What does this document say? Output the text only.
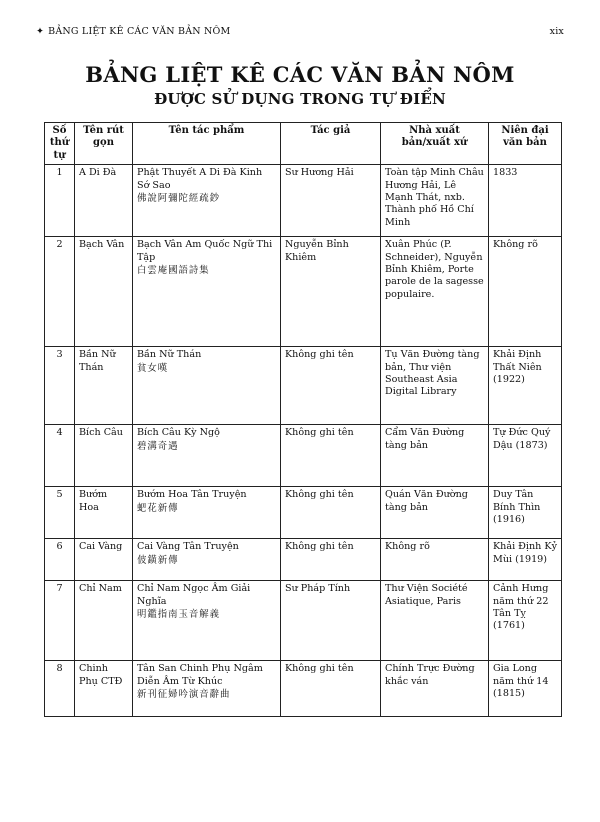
✦ BẢNG LIỆT KÊ CÁC VĂN BẢN NÔM	xix
BẢNG LIỆT KÊ CÁC VĂN BẢN NÔM
ĐƯỢC SỬ DỤNG TRONG TỰ ĐIỂN
Số thứ tự	Tên rút gọn	Tên tác phẩm	Tác giả	Nhà xuất bản/xuất xứ	Niên đại văn bản
1	A Di Đà	Phật Thuyết A Di Đà Kinh Sớ Sao
佛說阿彌陀經疏鈔	Sư Hương Hải	Toàn tập Minh Châu Hương Hải, Lê Mạnh Thát, nxb. Thành phố Hồ Chí Minh	1833
2	Bạch Vân	Bạch Vân Am Quốc Ngữ Thi Tập
白雲庵國語詩集	Nguyễn Bỉnh Khiêm	Xuân Phúc (P. Schneider), Nguyễn Bỉnh Khiêm, Porte parole de la sagesse populaire.	Không rõ
3	Bần Nữ Thán	Bần Nữ Thán
貧女嘆	Không ghi tên	Tụ Văn Đường tàng bản, Thư viện Southeast Asia Digital Library	Khải Định Thất Niên (1922)
4	Bích Câu	Bích Câu Kỳ Ngộ
碧溝奇遇	Không ghi tên	Cẩm Văn Đường tàng bản	Tự Đức Quý Dậu (1873)
5	Bướm Hoa	Bướm Hoa Tân Truyện
蚆花新傳	Không ghi tên	Quán Văn Đường tàng bản	Duy Tân Bính Thìn (1916)
6	Cai Vàng	Cai Vàng Tân Truyện
佊鐄新傳	Không ghi tên	Không rõ	Khải Định Kỷ Mùi (1919)
7	Chỉ Nam	Chỉ Nam Ngọc Âm Giải Nghĩa
明鑑指南玉音解義	Sư Pháp Tính	Thư Viện Société Asiatique, Paris	Cảnh Hưng năm thứ 22 Tân Tỵ (1761)
8	Chinh Phụ CTĐ	Tân San Chinh Phụ Ngâm Diễn Âm Từ Khúc
新刊征婦吟演音辭曲	Không ghi tên	Chính Trực Đường khắc ván	Gia Long năm thứ 14 (1815)
